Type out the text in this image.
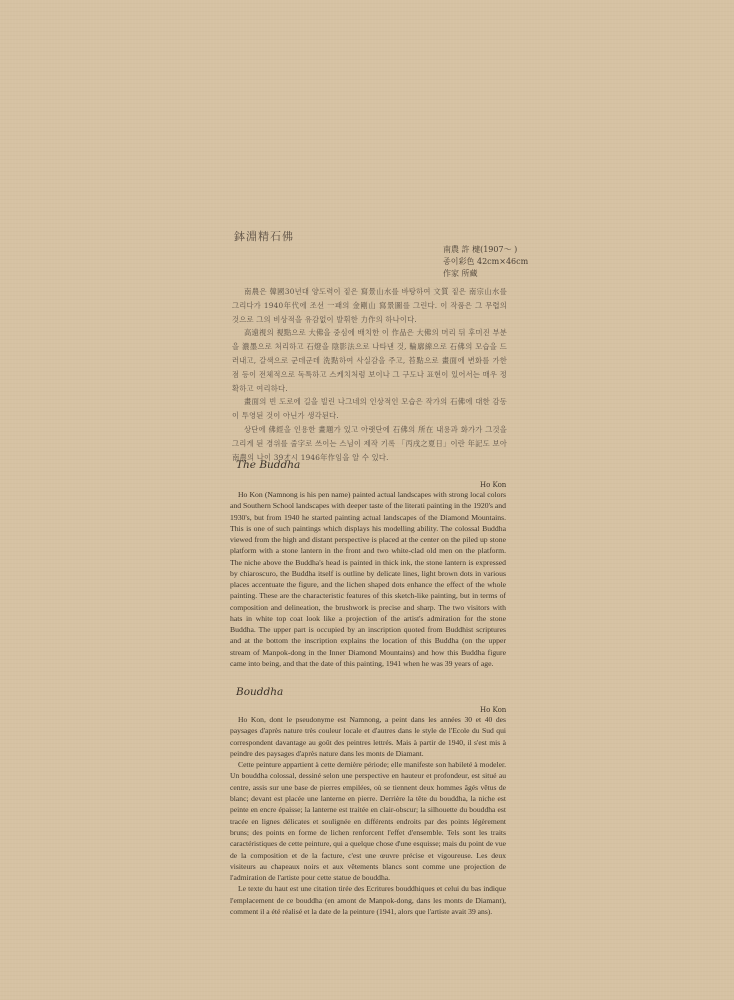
鉢淵精石佛
南農 許 楗(1907～ )
종이彩色 42cm×46cm
作家 所藏

南農은 韓國30년대 양도력이 짙은 寫景山水를 바탕하여 文質 짙은 南宗山水를 그리다가 1940年代에 조선 一패의 金剛山 寫景圖를 그린다. 이 작품은 그 무렵의 것으로 그의 비상적을 유감없이 발휘한 力作의 하나이다.

高遠視의 視點으로 大佛을 중심에 배치한 이 作品은 大佛의 머리 뒤 후미진 부분을 濃墨으로 처리하고 石燈을 陰影法으로 나타낸 것, 輪廓線으로 石佛의 모습을 드러내고, 갈색으로 군데군데 洗點하여 사실감을 주고, 苔點으로 畫面에 변화를 가한 점 등이 전체적으로 독특하고 스케치처럼 보이나 그 구도나 표현이 있어서는 매우 정확하고 여리하다.

畫面의 빈 도로에 길을 빌린 나그네의 인상적인 모습은 작가의 石佛에 대한 감동이 투영된 것이 아닌가 생각된다.

상단에 佛經을 인용한 畫題가 있고 아랫단에 石佛의 所在 내용과 화가가 그것을 그리게 된 경위를 줄字로 쓰이는 스님이 제작 기록 「丙戌之夏日」이란 年記도 보아 南農의 나이 39才시 1946年作임을 알 수 있다.

The Buddha
Ho Kon

Ho Kon (Namnong is his pen name) painted actual landscapes with strong local colors and Southern School landscapes with deeper taste of the literati painting in the 1920's and 1930's, but from 1940 he started painting actual landscapes of the Diamond Mountains. This is one of such paintings which displays his modelling ability. The colossal Buddha viewed from the high and distant perspective is placed at the center on the piled up stone platform with a stone lantern in the front and two white-clad old men on the platform. The niche above the Buddha's head is painted in thick ink, the stone lantern is expressed by chiaroscuro, the Buddha itself is outline by delicate lines, light brown dots in various places accentuate the figure, and the lichen shaped dots enhance the effect of the whole painting. These are the characteristic features of this sketch-like painting, but in terms of composition and delineation, the brushwork is precise and sharp. The two visitors with hats in white top coat look like a projection of the artist's admiration for the stone Buddha. The upper part is occupied by an inscription quoted from Buddhist scriptures and at the bottom the inscription explains the location of this Buddha (on the upper stream of Manpok-dong in the Inner Diamond Mountains) and how this Buddha figure came into being, and that the date of this painting, 1941 when he was 39 years of age.

Bouddha
Ho Kon

Ho Kon, dont le pseudonyme est Namnong, a peint dans les années 30 et 40 des paysages d'après nature très couleur locale et d'autres dans le style de l'Ecole du Sud qui correspondent davantage au goût des peintres lettrés. Mais à partir de 1940, il s'est mis à peindre des paysages d'après nature dans les monts de Diamant.

Cette peinture appartient à cette dernière période; elle manifeste son habileté à modeler. Un bouddha colossal, dessiné selon une perspective en hauteur et profondeur, est situé au centre, assis sur une base de pierres empilées, où se tiennent deux hommes âgés vêtus de blanc; devant est placée une lanterne en pierre. Derrière la tête du bouddha, la niche est peinte en encre épaisse; la lanterne est traitée en clair-obscur; la silhouette du bouddha est tracée en lignes délicates et soulignée en différents endroits par des points légèrement bruns; des points en forme de lichen renforcent l'effet d'ensemble. Tels sont les traits caractéristiques de cette peinture, qui a quelque chose d'une esquisse; mais du point de vue de la composition et de la facture, c'est une œuvre précise et vigoureuse. Les deux visiteurs au chapeaux noirs et aux vêtements blancs sont comme une projection de l'admiration de l'artiste pour cette statue de bouddha.

Le texte du haut est une citation tirée des Ecritures bouddhiques et celui du bas indique l'emplacement de ce bouddha (en amont de Manpok-dong, dans les monts de Diamant), comment il a été réalisé et la date de la peinture (1941, alors que l'artiste avait 39 ans).
